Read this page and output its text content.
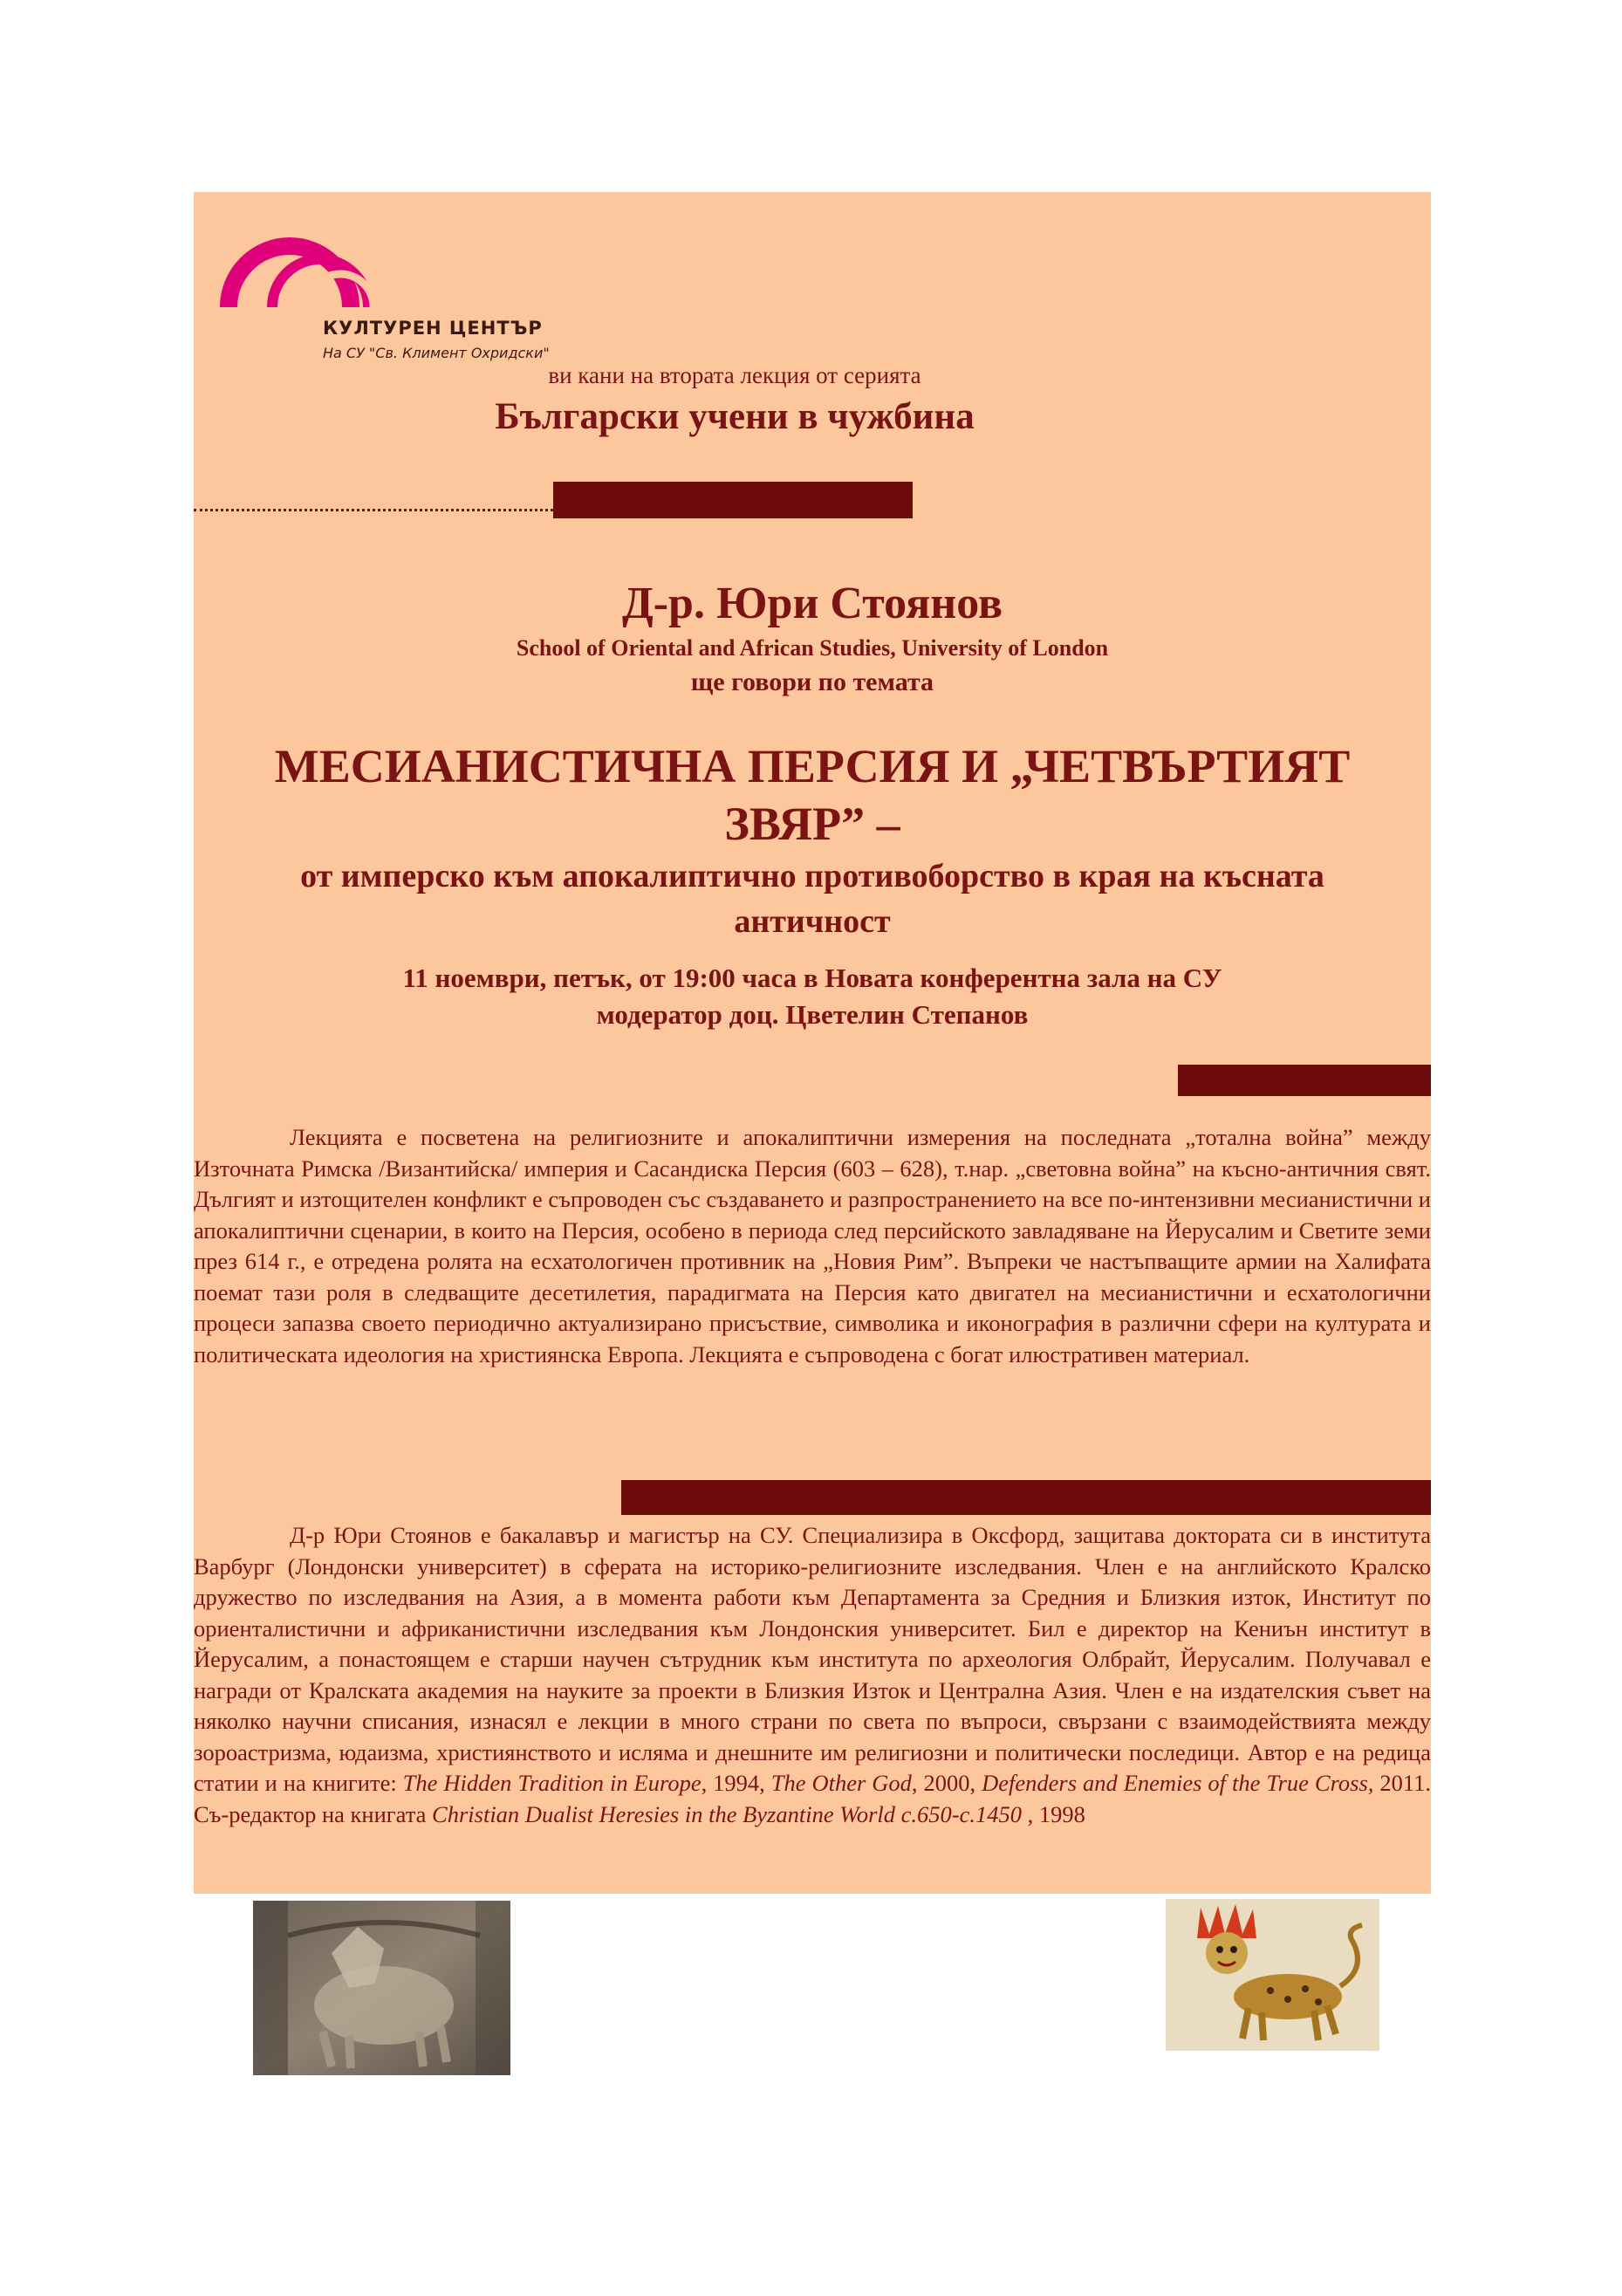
КУЛТУРЕН ЦЕНТЪР
На СУ "Св. Климент Охридски"
ви кани на втората лекция от серията
Български учени в чужбина
Д-р. Юри Стоянов
School of Oriental and African Studies, University of London
ще говори по темата
МЕСИАНИСТИЧНА ПЕРСИЯ И „ЧЕТВЪРТИЯТ ЗВЯР” –
от имперско към апокалиптично противоборство в края на късната античност
11 ноември, петък, от 19:00 часа в Новата конферентна зала на СУ
модератор доц. Цветелин Степанов
Лекцията е посветена на религиозните и апокалиптични измерения на последната „тотална война” между Източната Римска /Византийска/ империя и Сасандиска Персия (603 – 628), т.нар. „световна война” на късно-античния свят. Дългият и изтощителен конфликт е съпроводен със създаването и разпространението на все по-интензивни месианистични и апокалиптични сценарии, в които на Персия, особено в периода след персийското завладяване на Йерусалим и Светите земи през 614 г., е отредена ролята на есхатологичен противник на „Новия Рим”. Въпреки че настъпващите армии на Халифата поемат тази роля в следващите десетилетия, парадигмата на Персия като двигател на месианистични и есхатологични процеси запазва своето периодично актуализирано присъствие, символика и иконография в различни сфери на културата и политическата идеология на християнска Европа. Лекцията е съпроводена с богат илюстративен материал.
Д-р Юри Стоянов е бакалавър и магистър на СУ. Специализира в Оксфорд, защитава доктората си в института Варбург (Лондонски университет) в сферата на историко-религиозните изследвания. Член е на английското Кралско дружество по изследвания на Азия, а в момента работи към Департамента за Средния и Близкия изток, Институт по ориенталистични и африканистични изследвания към Лондонския университет. Бил е директор на Кениън институт в Йерусалим, а понастоящем е старши научен сътрудник към института по археология Олбрайт, Йерусалим. Получавал е награди от Кралската академия на науките за проекти в Близкия Изток и Централна Азия. Член е на издателския съвет на няколко научни списания, изнасял е лекции в много страни по света по въпроси, свързани с взаимодействията между зороастризма, юдаизма, християнството и исляма и днешните им религиозни и политически последици. Автор е на редица статии и на книгите: The Hidden Tradition in Europe, 1994, The Other God, 2000, Defenders and Enemies of the True Cross, 2011. Съ-редактор на книгата Christian Dualist Heresies in the Byzantine World c.650-c.1450 , 1998
